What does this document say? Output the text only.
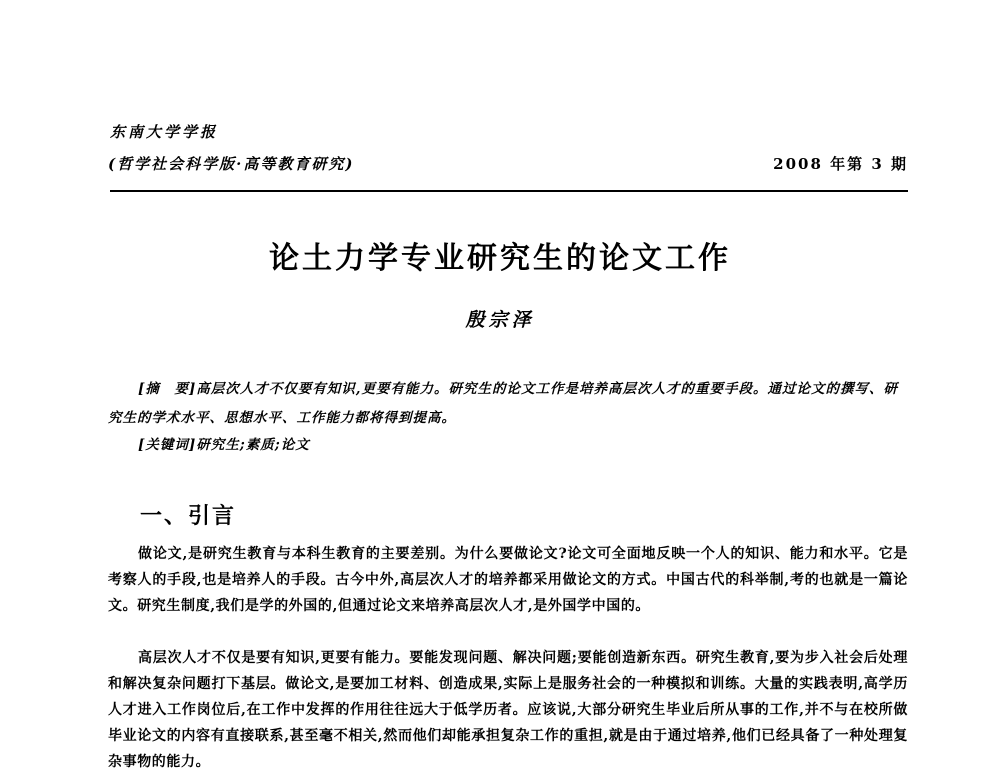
东南大学学报
(哲学社会科学版·高等教育研究)	2008 年第 3 期
论土力学专业研究生的论文工作
殷宗泽

[摘　要]高层次人才不仅要有知识,更要有能力。研究生的论文工作是培养高层次人才的重要手段。通过论文的撰写、研究生的学术水平、思想水平、工作能力都将得到提高。

[关键词]研究生;素质;论文

一、引言

做论文,是研究生教育与本科生教育的主要差别。为什么要做论文?论文可全面地反映一个人的知识、能力和水平。它是考察人的手段,也是培养人的手段。古今中外,高层次人才的培养都采用做论文的方式。中国古代的科举制,考的也就是一篇论文。研究生制度,我们是学的外国的,但通过论文来培养高层次人才,是外国学中国的。

高层次人才不仅是要有知识,更要有能力。要能发现问题、解决问题;要能创造新东西。研究生教育,要为步入社会后处理和解决复杂问题打下基层。做论文,是要加工材料、创造成果,实际上是服务社会的一种模拟和训练。大量的实践表明,高学历人才进入工作岗位后,在工作中发挥的作用往往远大于低学历者。应该说,大部分研究生毕业后所从事的工作,并不与在校所做毕业论文的内容有直接联系,甚至毫不相关,然而他们却能承担复杂工作的重担,就是由于通过培养,他们已经具备了一种处理复杂事物的能力。
